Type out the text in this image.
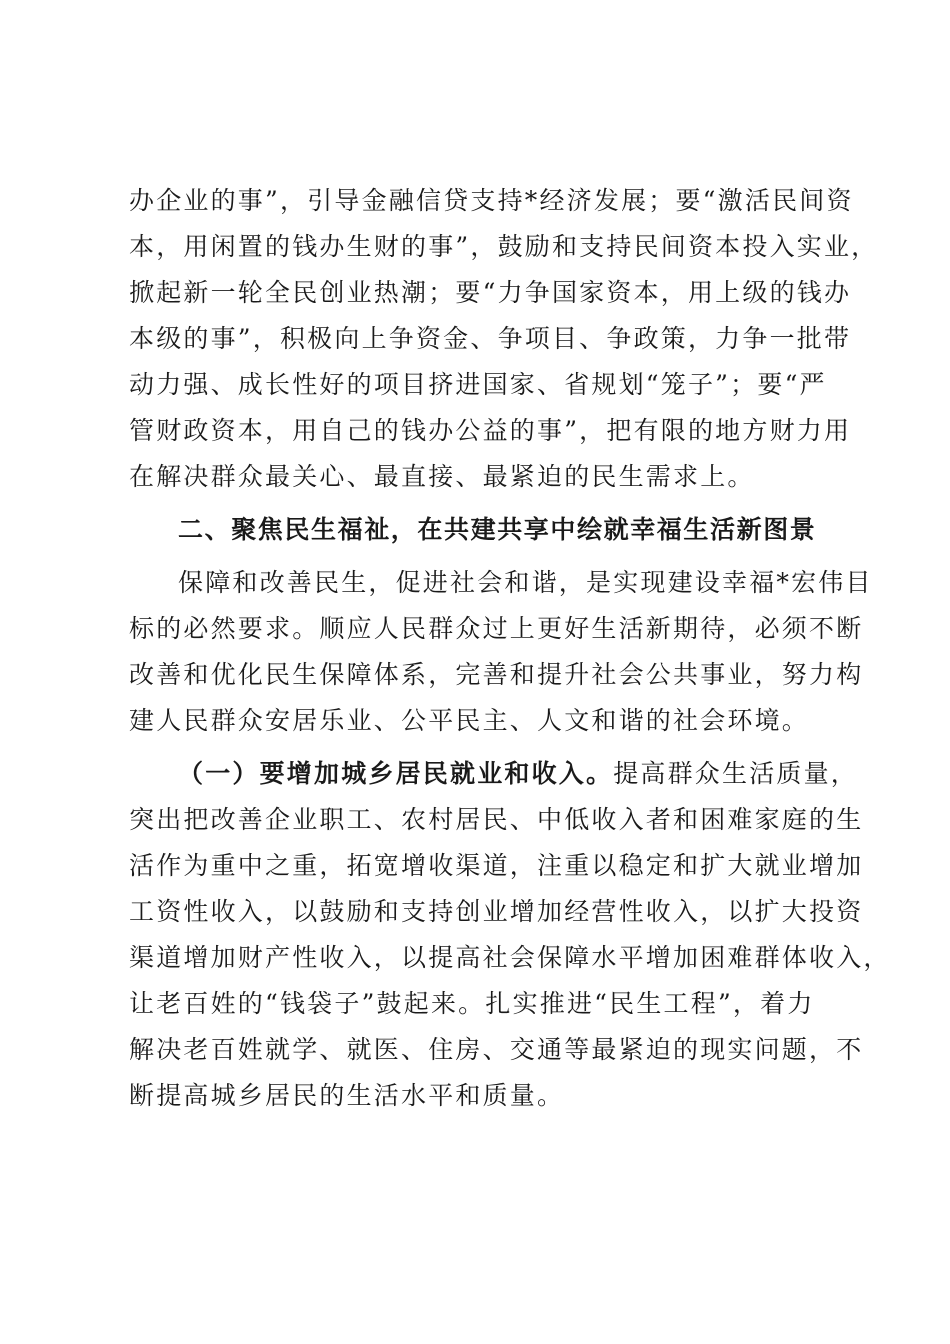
办企业的事”，引导金融信贷支持*经济发展；要“激活民间资
本，用闲置的钱办生财的事”，鼓励和支持民间资本投入实业，
掀起新一轮全民创业热潮；要“力争国家资本，用上级的钱办
本级的事”，积极向上争资金、争项目、争政策，力争一批带
动力强、成长性好的项目挤进国家、省规划“笼子”；要“严
管财政资本，用自己的钱办公益的事”，把有限的地方财力用
在解决群众最关心、最直接、最紧迫的民生需求上。
二、聚焦民生福祉，在共建共享中绘就幸福生活新图景
保障和改善民生，促进社会和谐，是实现建设幸福*宏伟目
标的必然要求。顺应人民群众过上更好生活新期待，必须不断
改善和优化民生保障体系，完善和提升社会公共事业，努力构
建人民群众安居乐业、公平民主、人文和谐的社会环境。
（一）要增加城乡居民就业和收入。提高群众生活质量，
突出把改善企业职工、农村居民、中低收入者和困难家庭的生
活作为重中之重，拓宽增收渠道，注重以稳定和扩大就业增加
工资性收入，以鼓励和支持创业增加经营性收入，以扩大投资
渠道增加财产性收入，以提高社会保障水平增加困难群体收入，
让老百姓的“钱袋子”鼓起来。扎实推进“民生工程”，着力
解决老百姓就学、就医、住房、交通等最紧迫的现实问题，不
断提高城乡居民的生活水平和质量。
